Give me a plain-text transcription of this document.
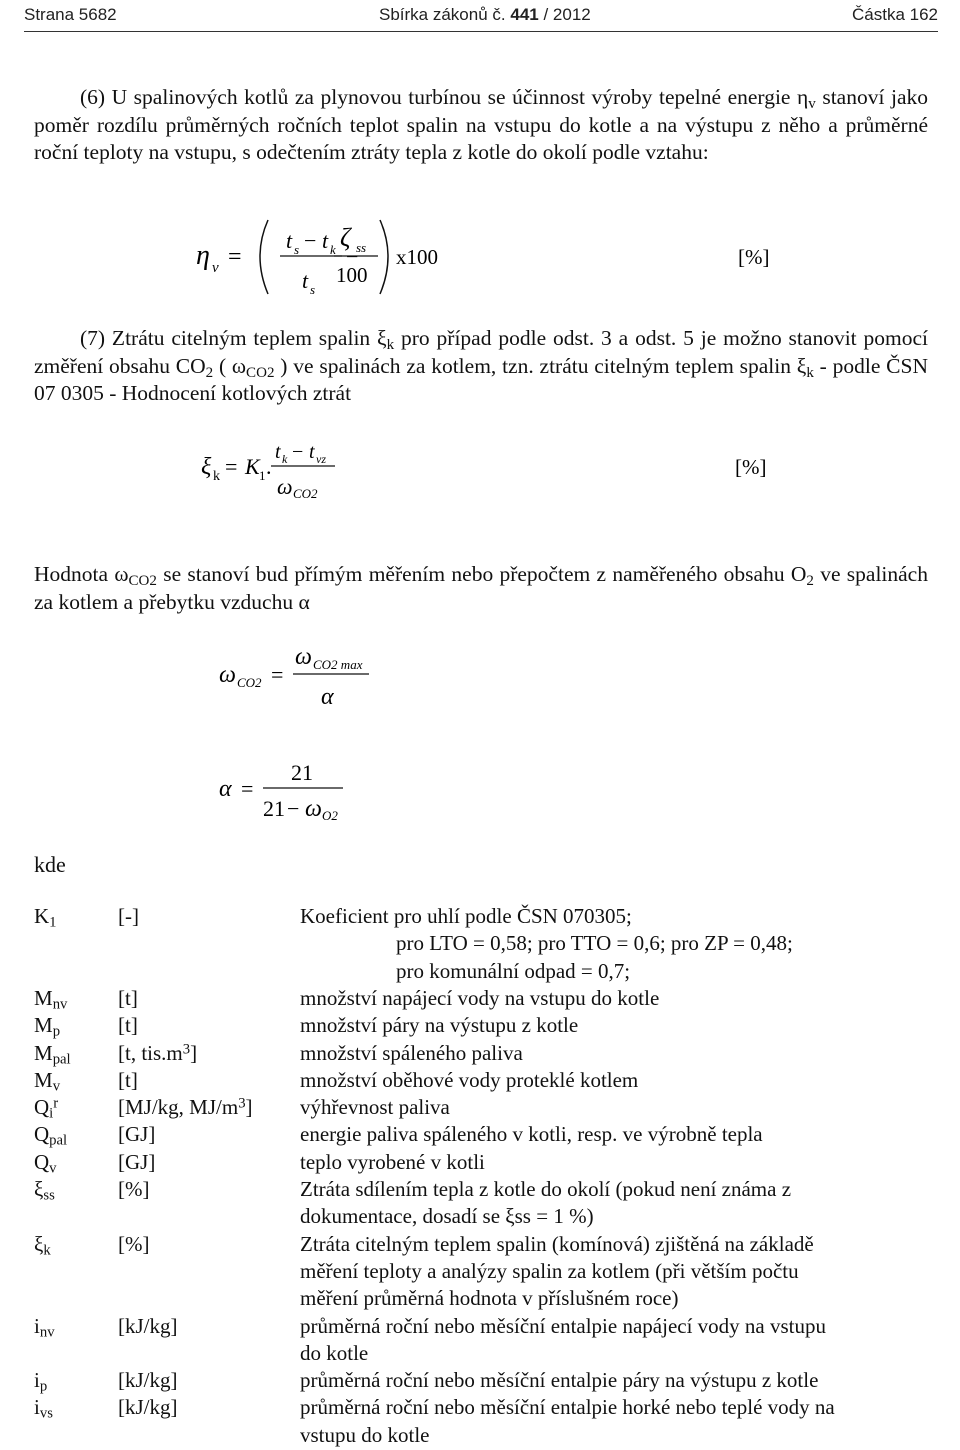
Strana 5682	Sbírka zákonů č. 441 / 2012	Částka 162
(6) U spalinových kotlů za plynovou turbínou se účinnost výroby tepelné energie $\eta_v$ stanoví jako poměr rozdílu průměrných ročních teplot spalin na vstupu do kotle a na výstupu z něho a průměrné roční teploty na vstupu, s odečtením ztráty tepla z kotle do okolí podle vztahu:
η v =
t s − t k
t s
−
ζ ss
100
x100	[%]
(7) Ztrátu citelným teplem spalin $\xi_k$ pro případ podle odst. 3 a odst. 5 je možno stanovit pomocí změření obsahu $CO_2$ ( $\omega_{CO2}$ ) ve spalinách za kotlem, tzn. ztrátu citelným teplem spalin $\xi_k$ - podle ČSN 07 0305 - Hodnocení kotlových ztrát
ξ k = K 1 .
t k − t vz
ω CO2
[%]
Hodnota $\omega_{CO2}$ se stanoví bud přímým měřením nebo přepočtem z naměřeného obsahu $O_2$ ve spalinách za kotlem a přebytku vzduchu α
ω CO2 =
ω CO2 max
α
α =
21
21 − ω O2
kde
$K_1$	[-]	Koeficient pro uhlí podle ČSN 070305;
pro LTO = 0,58; pro TTO = 0,6; pro ZP = 0,48;
pro komunální odpad = 0,7;
$M_{nv}$	[t]	množství napájecí vody na vstupu do kotle
$M_p$	[t]	množství páry na výstupu z kotle
$M_{pal}$	[t, $tis.m^3$]	množství spáleného paliva
$M_v$	[t]	množství oběhové vody proteklé kotlem
$Q_i^r$	[MJ/kg, $MJ/m^3$]	výhřevnost paliva
$Q_{pal}$	[GJ]	energie paliva spáleného v kotli, resp. ve výrobně tepla
$Q_v$	[GJ]	teplo vyrobené v kotli
$\xi_{ss}$	[%]	Ztráta sdílením tepla z kotle do okolí (pokud není známa z
dokumentace, dosadí se ξss = 1 %)
$\xi_k$	[%]	Ztráta citelným teplem spalin (komínová) zjištěná na základě
měření teploty a analýzy spalin za kotlem (při větším počtu
měření průměrná hodnota v příslušném roce)
$i_{nv}$	[kJ/kg]	průměrná roční nebo měsíční entalpie napájecí vody na vstupu
do kotle
$i_p$	[kJ/kg]	průměrná roční nebo měsíční entalpie páry na výstupu z kotle
$i_{vs}$	[kJ/kg]	průměrná roční nebo měsíční entalpie horké nebo teplé vody na
vstupu do kotle
